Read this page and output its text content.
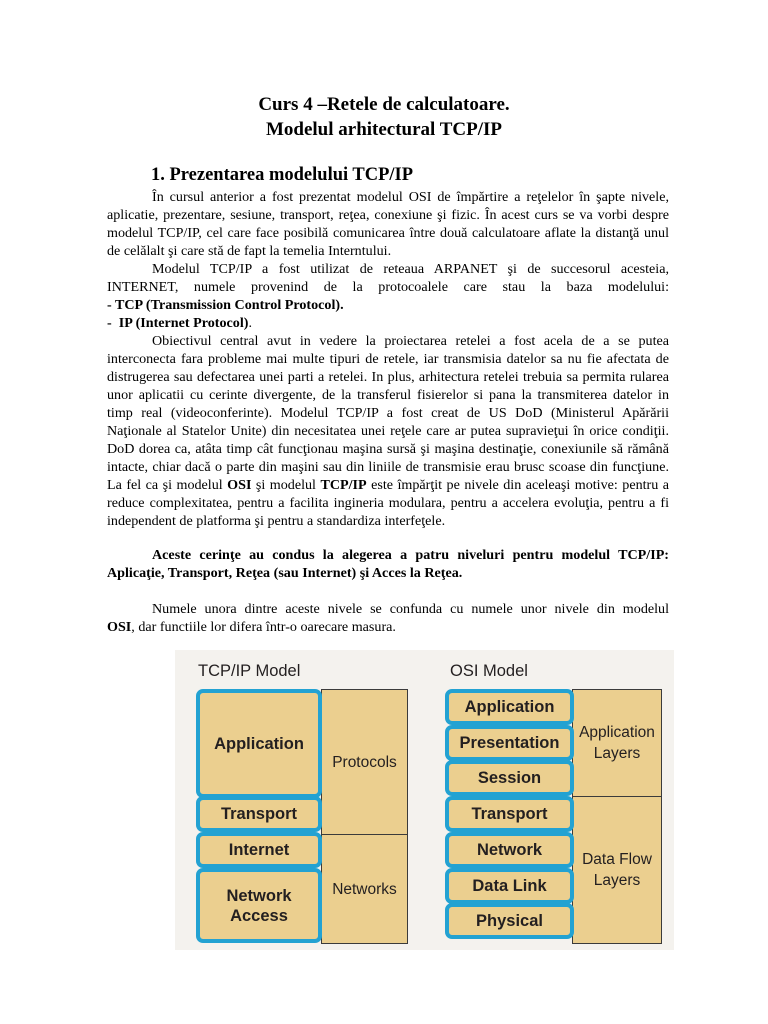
Curs 4 –Retele de calculatoare.
Modelul arhitectural TCP/IP
1. Prezentarea modelului TCP/IP
În cursul anterior a fost prezentat modelul OSI de împărtire a reţelelor în şapte nivele,
aplicatie, prezentare, sesiune, transport, reţea, conexiune şi fizic. În acest curs se va vorbi despre
modelul TCP/IP, cel care face posibilă comunicarea între două calculatoare aflate la distanţă unul
de celălalt şi care stă de fapt la temelia Interntului.
Modelul TCP/IP a fost utilizat de reteaua ARPANET şi de succesorul acesteia,
INTERNET, numele provenind de la protocoalele care stau la baza modelului:
- TCP (Transmission Control Protocol).
-  IP (Internet Protocol).
Obiectivul central avut in vedere la proiectarea retelei a fost acela de a se putea
interconecta fara probleme mai multe tipuri de retele, iar transmisia datelor sa nu fie afectata de
distrugerea sau defectarea unei parti a retelei. In plus, arhitectura retelei trebuia sa permita rularea
unor aplicatii cu cerinte divergente, de la transferul fisierelor si pana la transmiterea datelor in
timp real (videoconferinte). Modelul TCP/IP a fost creat de US DoD (Ministerul Apărării
Naţionale al Statelor Unite) din necesitatea unei reţele care ar putea supravieţui în orice condiţii.
DoD dorea ca, atâta timp cât funcţionau maşina sursă şi maşina destinaţie, conexiunile să rămână
intacte, chiar dacă o parte din maşini sau din liniile de transmisie erau brusc scoase din funcţiune.
La fel ca şi modelul OSI şi modelul TCP/IP este împărţit pe nivele din aceleaşi motive: pentru a
reduce complexitatea, pentru a facilita ingineria modulara, pentru a accelera evoluţia, pentru a fi
independent de platforma şi pentru a standardiza interfeţele.
Aceste cerinţe au condus la alegerea a patru niveluri pentru modelul TCP/IP:
Aplicaţie, Transport, Reţea (sau Internet) şi Acces la Reţea.
Numele unora dintre aceste nivele se confunda cu numele unor nivele din modelul
OSI, dar functiile lor difera într-o oarecare masura.
TCP/IP Model	OSI Model
Protocols
Networks
Application
Transport
Internet
Network Access
Application Layers
Data Flow Layers
Application
Presentation
Session
Transport
Network
Data Link
Physical
